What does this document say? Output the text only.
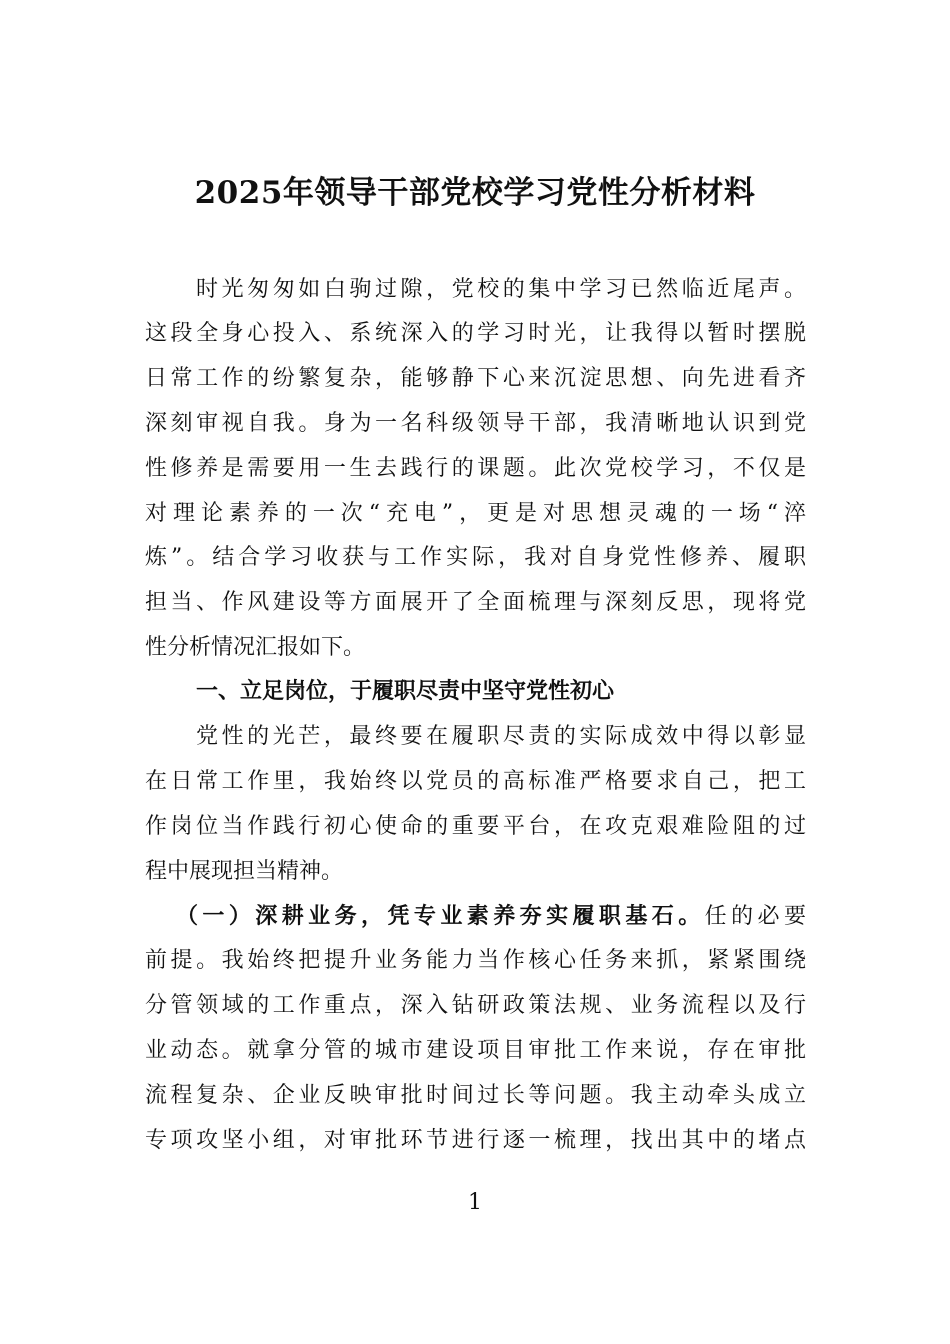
2025年领导干部党校学习党性分析材料
时光匆匆如白驹过隙，党校的集中学习已然临近尾声。
这段全身心投入、系统深入的学习时光，让我得以暂时摆脱
日常工作的纷繁复杂，能够静下心来沉淀思想、向先进看齐
深刻审视自我。身为一名科级领导干部，我清晰地认识到党
性修养是需要用一生去践行的课题。此次党校学习，不仅是
对理论素养的一次“充电”，更是对思想灵魂的一场“淬
炼”。结合学习收获与工作实际，我对自身党性修养、履职
担当、作风建设等方面展开了全面梳理与深刻反思，现将党
性分析情况汇报如下。
一、立足岗位，于履职尽责中坚守党性初心
党性的光芒，最终要在履职尽责的实际成效中得以彰显
在日常工作里，我始终以党员的高标准严格要求自己，把工
作岗位当作践行初心使命的重要平台，在攻克艰难险阻的过
程中展现担当精神。
（一）深耕业务，凭专业素养夯实履职基石。任的必要
前提。我始终把提升业务能力当作核心任务来抓，紧紧围绕
分管领域的工作重点，深入钻研政策法规、业务流程以及行
业动态。就拿分管的城市建设项目审批工作来说，存在审批
流程复杂、企业反映审批时间过长等问题。我主动牵头成立
专项攻坚小组，对审批环节进行逐一梳理，找出其中的堵点
1
